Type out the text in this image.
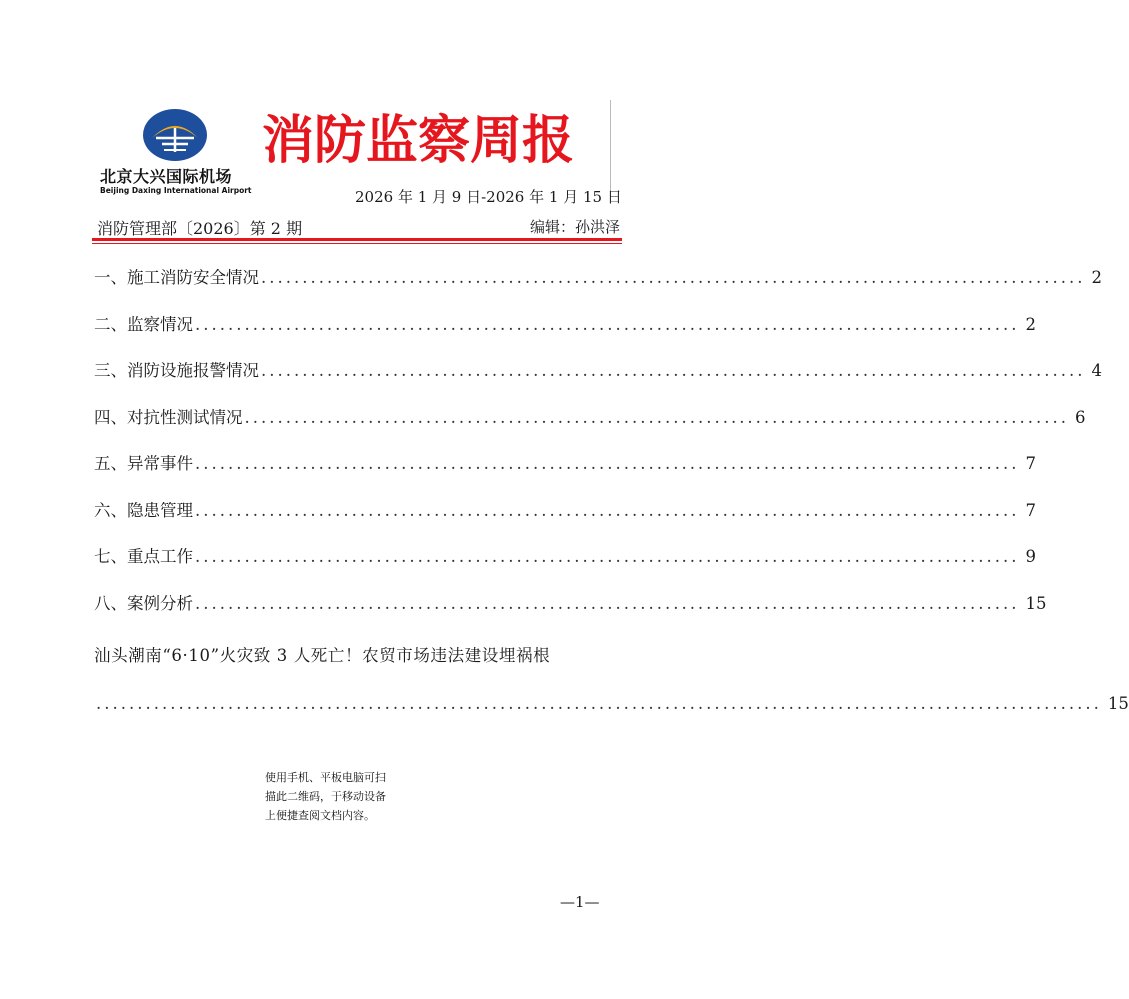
北京大兴国际机场
Beijing Daxing International Airport
消防监察周报
2026 年 1 月 9 日-2026 年 1 月 15 日
消防管理部〔2026〕第 2 期	编辑：孙洪泽
一、施工消防安全情况 .................................................................................................... 2
二、监察情况 .................................................................................................... 2
三、消防设施报警情况 .................................................................................................... 4
四、对抗性测试情况 .................................................................................................... 6
五、异常事件 .................................................................................................... 7
六、隐患管理 .................................................................................................... 7
七、重点工作 .................................................................................................... 9
八、案例分析 .................................................................................................... 15
汕头潮南“6·10”火灾致 3 人死亡！农贸市场违法建设埋祸根
.......................................................................................................................... 15
使用手机、平板电脑可扫
描此二维码，于移动设备
上便捷查阅文档内容。
—1—
